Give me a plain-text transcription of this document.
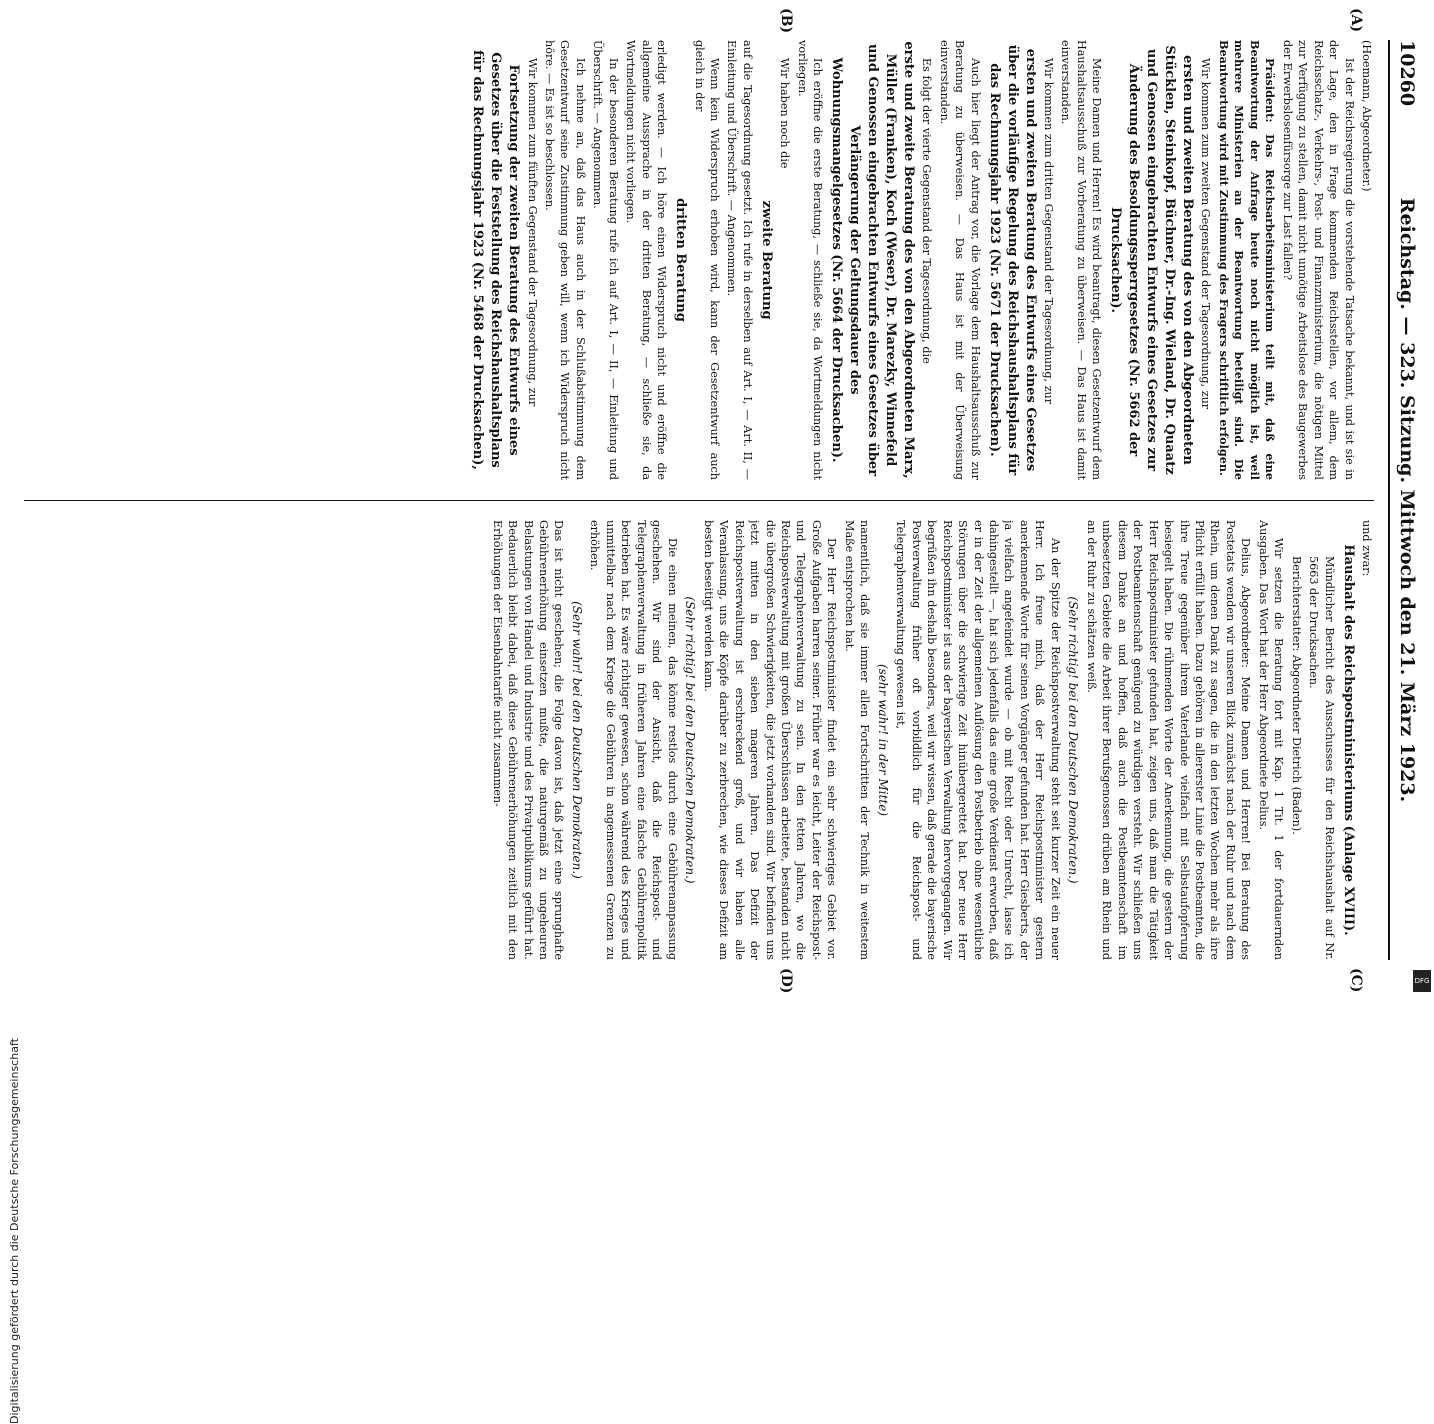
10260
Reichstag. — 323. Sitzung. Mittwoch den 21. März 1923.
(A)
(B)
(C)
(D)

(Hoemann, Abgeordneter.)

Ist der Reichsregierung die vorstehende Tatsache bekannt, und ist sie in der Lage, den in Frage kommenden Reichsstellen, vor allem, dem Reichsschatz-, Verkehrs-, Post- und Finanzministerium, die nötigen Mittel zur Verfügung zu stellen, damit nicht unnötige Arbeitslose des Baugewerbes der Erwerbslosenfürsorge zur Last fallen?

Präsident: Das Reichsarbeitsministerium teilt mit, daß eine Beantwortung der Anfrage heute noch nicht möglich ist, weil mehrere Ministerien an der Beantwortung beteiligt sind. Die Beantwortung wird mit Zustimmung des Fragers schriftlich erfolgen.

Wir kommen zum zweiten Gegenstand der Tagesordnung, zur

ersten und zweiten Beratung des von den Abgeordneten Stücklen, Steinkopf, Büchner, Dr.-Ing. Wieland, Dr. Quaatz und Genossen eingebrachten Entwurfs eines Gesetzes zur Änderung des Besoldungssperrgesetzes (Nr. 5662 der Drucksachen).

Meine Damen und Herren! Es wird beantragt, diesen Gesetzentwurf dem Haushaltsausschuß zur Vorberatung zu überweisen. — Das Haus ist damit einverstanden.

Wir kommen zum dritten Gegenstand der Tagesordnung, zur

ersten und zweiten Beratung des Entwurfs eines Gesetzes über die vorläufige Regelung des Reichshaushaltsplans für das Rechnungsjahr 1923 (Nr. 5671 der Drucksachen).

Auch hier liegt der Antrag vor, die Vorlage dem Haushaltsausschuß zur Beratung zu überweisen. — Das Haus ist mit der Überweisung einverstanden.

Es folgt der vierte Gegenstand der Tagesordnung, die

erste und zweite Beratung des von den Abgeordneten Marx, Müller (Franken), Koch (Weser), Dr. Marezky, Winnefeld und Genossen eingebrachten Entwurfs eines Gesetzes über Verlängerung der Geltungsdauer des Wohnungsmangelgesetzes (Nr. 5664 der Drucksachen).

Ich eröffne die erste Beratung, — schließe sie, da Wortmeldungen nicht vorliegen.

Wir haben noch die

zweite Beratung

auf die Tagesordnung gesetzt. Ich rufe in derselben auf Art. I, — Art. II, — Einleitung und Überschrift. — Angenommen.

Wenn kein Widerspruch erhoben wird, kann der Gesetzentwurf auch gleich in der

dritten Beratung

erledigt werden. — Ich höre einen Widerspruch nicht und eröffne die allgemeine Aussprache in der dritten Beratung, — schließe sie, da Wortmeldungen nicht vorliegen.

In der besonderen Beratung rufe ich auf Art. I, — II, — Einleitung und Überschrift. — Angenommen.

Ich nehme an, daß das Haus auch in der Schlußabstimmung dem Gesetzentwurf seine Zustimmung geben will, wenn ich Widerspruch nicht höre. — Es ist so beschlossen.

Wir kommen zum fünften Gegenstand der Tagesordnung, zur

Fortsetzung der zweiten Beratung des Entwurfs eines Gesetzes über die Feststellung des Reichshaushaltsplans für das Rechnungsjahr 1923 (Nr. 5468 der Drucksachen),

und zwar:

Haushalt des Reichspostministeriums (Anlage XVIII).

Mündlicher Bericht des Ausschusses für den Reichshaushalt auf Nr. 5663 der Drucksachen.

Berichterstatter: Abgeordneter Dietrich (Baden).

Wir setzen die Beratung fort mit Kap. 1 Tit. 1 der fortdauernden Ausgaben. Das Wort hat der Herr Abgeordnete Delius.

Delius, Abgeordneter: Meine Damen und Herren! Bei Beratung des Postetats wenden wir unseren Blick zunächst nach der Ruhr und nach dem Rhein, um denen Dank zu sagen, die in den letzten Wochen mehr als ihre Pflicht erfüllt haben. Dazu gehören in allererster Linie die Postbeamten, die ihre Treue gegenüber ihrem Vaterlande vielfach mit Selbstaufopferung besiegelt haben. Die rühmenden Worte der Anerkennung, die gestern der Herr Reichspostminister gefunden hat, zeigen uns, daß man die Tätigkeit der Postbeamtenschaft genügend zu würdigen versteht. Wir schließen uns diesem Danke an und hoffen, daß auch die Postbeamtenschaft im unbesetzten Gebiete die Arbeit ihrer Berufsgenossen drüben am Rhein und an der Ruhr zu schätzen weiß.

(Sehr richtig! bei den Deutschen Demokraten.)

An der Spitze der Reichspostverwaltung steht seit kurzer Zeit ein neuer Herr. Ich freue mich, daß der Herr Reichspostminister gestern anerkennende Worte für seinen Vorgänger gefunden hat. Herr Giesberts, der ja vielfach angefeindet wurde — ob mit Recht oder Unrecht, lasse ich dahingestellt —, hat sich jedenfalls das eine große Verdienst erworben, daß er in der Zeit der allgemeinen Auflösung den Postbetrieb ohne wesentliche Störungen über die schwierige Zeit hinübergerettet hat. Der neue Herr Reichspostminister ist aus der bayerischen Verwaltung hervorgegangen. Wir begrüßen ihn deshalb besonders, weil wir wissen, daß gerade die bayerische Postverwaltung früher oft vorbildlich für die Reichspost- und Telegraphenverwaltung gewesen ist,

(sehr wahr! in der Mitte)

namentlich, daß sie immer allen Fortschritten der Technik in weitestem Maße entsprochen hat.

Der Herr Reichspostminister findet ein sehr schwieriges Gebiet vor. Große Aufgaben harren seiner. Früher war es leicht, Leiter der Reichspost- und Telegraphenverwaltung zu sein. In den fetten Jahren, wo die Reichspostverwaltung mit großen Überschüssen arbeitete, bestanden nicht die übergroßen Schwierigkeiten, die jetzt vorhanden sind. Wir befinden uns jetzt mitten in den sieben mageren Jahren. Das Defizit der Reichspostverwaltung ist erschreckend groß, und wir haben alle Veranlassung, uns die Köpfe darüber zu zerbrechen, wie dieses Defizit am besten beseitigt werden kann.

(Sehr richtig! bei den Deutschen Demokraten.)

Die einen meinen, das könne restlos durch eine Gebührenanpassung geschehen. Wir sind der Ansicht, daß die Reichspost- und Telegraphenverwaltung in früheren Jahren eine falsche Gebührenpolitik betrieben hat. Es wäre richtiger gewesen, schon während des Krieges und unmittelbar nach dem Kriege die Gebühren in angemessenen Grenzen zu erhöhen.

(Sehr wahr! bei den Deutschen Demokraten.)

Das ist nicht geschehen; die Folge davon ist, daß jetzt eine sprunghafte Gebührenerhöhung einsetzen mußte, die naturgemäß zu ungeheuren Belastungen von Handel und Industrie und des Privatpublikums geführt hat. Bedauerlich bleibt dabei, daß diese Gebührenerhöhungen zeitlich mit den Erhöhungen der Eisenbahntarife nicht zusammen-

Digitalisierung gefördert durch die Deutsche Forschungsgemeinschaft
DFG
